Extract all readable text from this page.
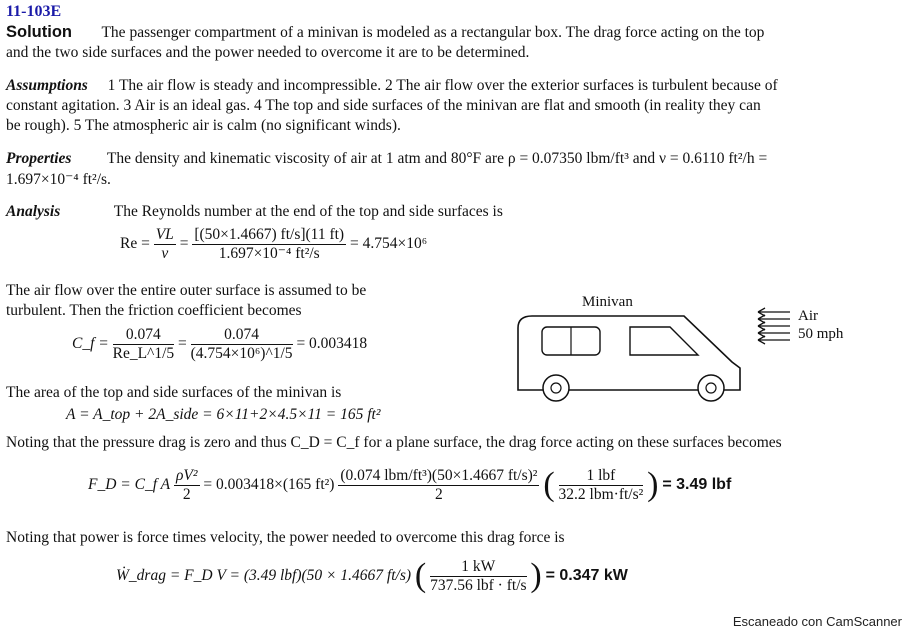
11-103E
Solution The passenger compartment of a minivan is modeled as a rectangular box. The drag force acting on the top
and the two side surfaces and the power needed to overcome it are to be determined.
Assumptions 1 The air flow is steady and incompressible. 2 The air flow over the exterior surfaces is turbulent because of
constant agitation. 3 Air is an ideal gas. 4 The top and side surfaces of the minivan are flat and smooth (in reality they can
be rough). 5 The atmospheric air is calm (no significant winds).
Properties The density and kinematic viscosity of air at 1 atm and 80°F are ρ = 0.07350 lbm/ft³ and ν = 0.6110 ft²/h =
1.697×10⁻⁴ ft²/s.
Analysis	The Reynolds number at the end of the top and side surfaces is
$Re = \frac{VL}{\nu} = \frac{[(50\times 1.4667) ft/s](11 ft)}{\text{1.697×10⁻⁴ ft²/s}} = 4.754\times 10^6$
The air flow over the entire outer surface is assumed to be
turbulent. Then the friction coefficient becomes
C_f = $\frac{0.074}{Re\_L\^{}1/5} = \frac{0.074}{\text{(4.754×10⁶)\textasciicircum{}1/5}} = 0.003418$
The area of the top and side surfaces of the minivan is
A = A_top + 2A_side = 6×11+2×4.5×11 = 165 ft²
Noting that the pressure drag is zero and thus C_D = C_f for a plane surface, the drag force acting on these surfaces becomes
F_D = C_f A $\frac{\text{ρV²}}{2} = 0.003418\times(165$ $ft^2) \frac{\text{(0.074 lbm/ft³)(50×1.4667 ft/s)²}}{2}$ ( $\frac{\text{1 lbf}}{\text{32.2 lbm·ft/s²}}$ ) = 3.49 lbf
Noting that power is force times velocity, the power needed to overcome this drag force is
Ẇ_drag = F_D V = (3.49 lbf)(50 × 1.4667 ft/s) ( $\frac{1 kW}{\text{737.56 lbf · ft/s}}$ ) = 0.347 kW
Minivan
Air
50 mph
Escaneado con CamScanner
